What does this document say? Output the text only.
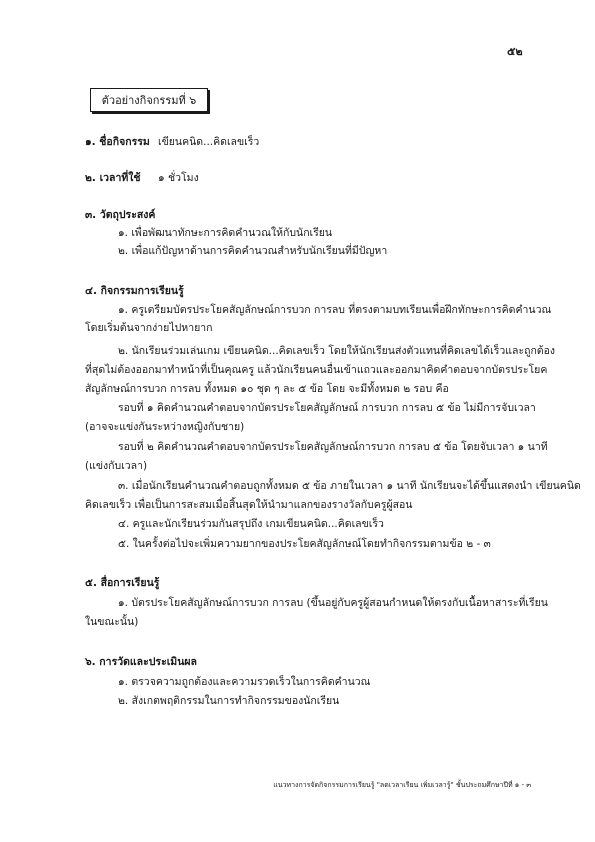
๕๒
ตัวอย่างกิจกรรมที่ ๖
๑. ชื่อกิจกรรม เขียนคนิด...คิดเลขเร็ว
๒. เวลาที่ใช้ ๑ ชั่วโมง
๓. วัตถุประสงค์
๑. เพื่อพัฒนาทักษะการคิดคำนวณให้กับนักเรียน
๒. เพื่อแก้ปัญหาด้านการคิดคำนวณสำหรับนักเรียนที่มีปัญหา
๔. กิจกรรมการเรียนรู้
๑. ครูเตรียมบัตรประโยคสัญลักษณ์การบวก การลบ ที่ตรงตามบทเรียนเพื่อฝึกทักษะการคิดคำนวณ
โดยเริ่มต้นจากง่ายไปหายาก
๒. นักเรียนร่วมเล่นเกม เขียนคนิด...คิดเลขเร็ว โดยให้นักเรียนส่งตัวแทนที่คิดเลขได้เร็วและถูกต้อง
ที่สุดไม่ต้องออกมาทำหน้าที่เป็นคุณครู แล้วนักเรียนคนอื่นเข้าแถวและออกมาคิดคำตอบจากบัตรประโยค
สัญลักษณ์การบวก การลบ ทั้งหมด ๑๐ ชุด ๆ ละ ๕ ข้อ โดย จะมีทั้งหมด ๒ รอบ คือ
รอบที่ ๑ คิดคำนวณคำตอบจากบัตรประโยคสัญลักษณ์ การบวก การลบ ๕ ข้อ ไม่มีการจับเวลา
(อาจจะแข่งกันระหว่างหญิงกับชาย)
รอบที่ ๒ คิดคำนวณคำตอบจากบัตรประโยคสัญลักษณ์การบวก การลบ ๕ ข้อ โดยจับเวลา ๑ นาที
(แข่งกับเวลา)
๓. เมื่อนักเรียนคำนวณคำตอบถูกทั้งหมด ๕ ข้อ ภายในเวลา ๑ นาที นักเรียนจะได้ขึ้นแสดงนำ เขียนคนิด
คิดเลขเร็ว เพื่อเป็นการสะสมเมื่อสิ้นสุดให้นำมาแลกของรางวัลกับครูผู้สอน
๔. ครูและนักเรียนร่วมกันสรุปถึง เกมเขียนคนิด...คิดเลขเร็ว
๕. ในครั้งต่อไปจะเพิ่มความยากของประโยคสัญลักษณ์โดยทำกิจกรรมตามข้อ ๒ - ๓
๕. สื่อการเรียนรู้
๑. บัตรประโยคสัญลักษณ์การบวก การลบ (ขึ้นอยู่กับครูผู้สอนกำหนดให้ตรงกับเนื้อหาสาระที่เรียน
ในขณะนั้น)
๖. การวัดและประเมินผล
๑. ตรวจความถูกต้องและความรวดเร็วในการคิดคำนวณ
๒. สังเกตพฤติกรรมในการทำกิจกรรมของนักเรียน
แนวทางการจัดกิจกรรมการเรียนรู้ "ลดเวลาเรียน เพิ่มเวลารู้" ชั้นประถมศึกษาปีที่ ๑ - ๓
